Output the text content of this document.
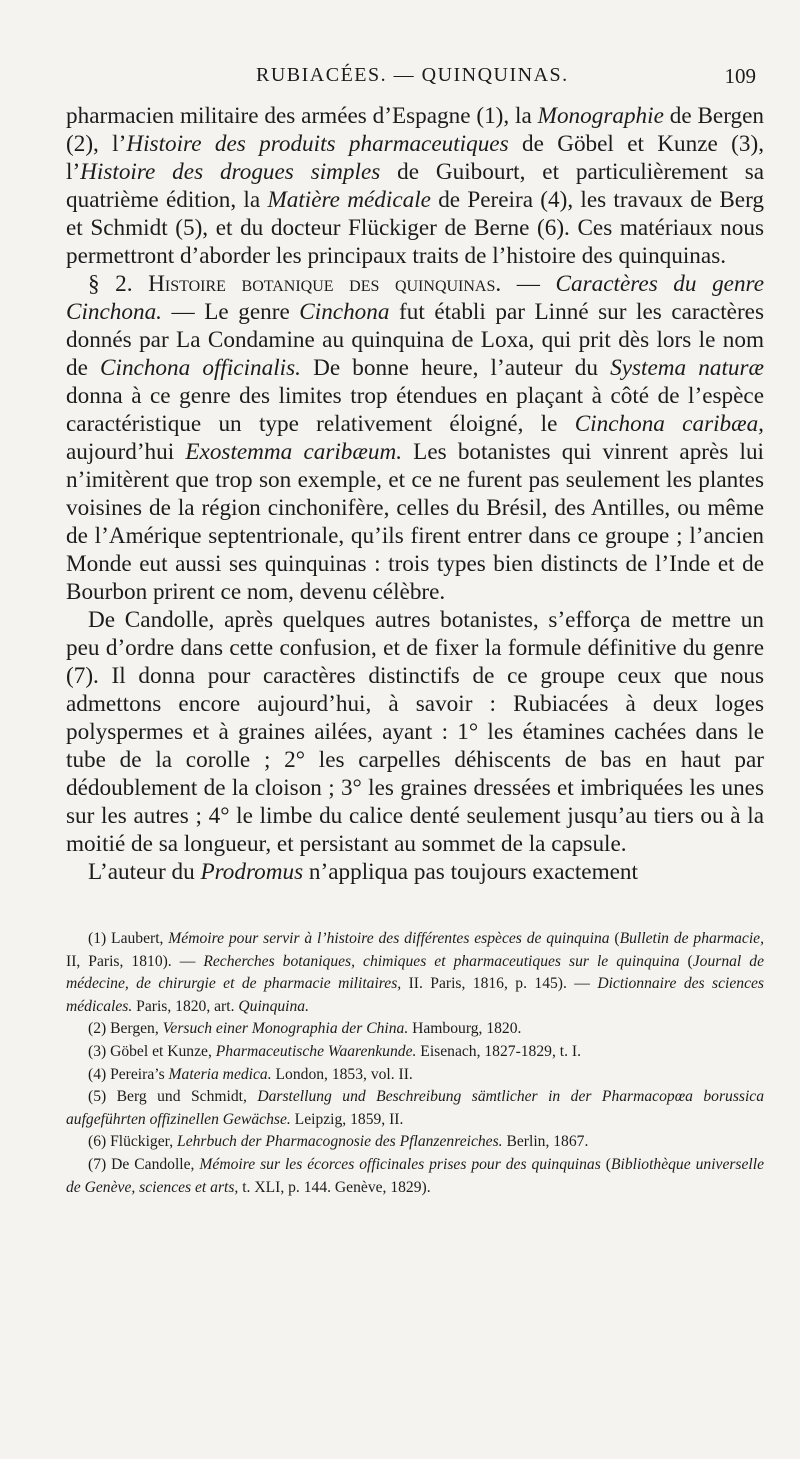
RUBIACÉES. — QUINQUINAS.	109

pharmacien militaire des armées d’Espagne (1), la Monographie de Bergen (2), l’Histoire des produits pharmaceutiques de Göbel et Kunze (3), l’Histoire des drogues simples de Guibourt, et particulièrement sa quatrième édition, la Matière médicale de Pereira (4), les travaux de Berg et Schmidt (5), et du docteur Flückiger de Berne (6). Ces matériaux nous permettront d’aborder les principaux traits de l’histoire des quinquinas.

§ 2. Histoire botanique des quinquinas. — Caractères du genre Cinchona. — Le genre Cinchona fut établi par Linné sur les caractères donnés par La Condamine au quinquina de Loxa, qui prit dès lors le nom de Cinchona officinalis. De bonne heure, l’auteur du Systema naturæ donna à ce genre des limites trop étendues en plaçant à côté de l’espèce caractéristique un type relativement éloigné, le Cinchona caribæa, aujourd’hui Exostemma caribæum. Les botanistes qui vinrent après lui n’imitèrent que trop son exemple, et ce ne furent pas seulement les plantes voisines de la région cinchonifère, celles du Brésil, des Antilles, ou même de l’Amérique septentrionale, qu’ils firent entrer dans ce groupe ; l’ancien Monde eut aussi ses quinquinas : trois types bien distincts de l’Inde et de Bourbon prirent ce nom, devenu célèbre.

De Candolle, après quelques autres botanistes, s’efforça de mettre un peu d’ordre dans cette confusion, et de fixer la formule définitive du genre (7). Il donna pour caractères distinctifs de ce groupe ceux que nous admettons encore aujourd’hui, à savoir : Rubiacées à deux loges polyspermes et à graines ailées, ayant : 1° les étamines cachées dans le tube de la corolle ; 2° les carpelles déhiscents de bas en haut par dédoublement de la cloison ; 3° les graines dressées et imbriquées les unes sur les autres ; 4° le limbe du calice denté seulement jusqu’au tiers ou à la moitié de sa longueur, et persistant au sommet de la capsule.

L’auteur du Prodromus n’appliqua pas toujours exactement

(1) Laubert, Mémoire pour servir à l’histoire des différentes espèces de quinquina (Bulletin de pharmacie, II, Paris, 1810). — Recherches botaniques, chimiques et pharmaceutiques sur le quinquina (Journal de médecine, de chirurgie et de pharmacie militaires, II. Paris, 1816, p. 145). — Dictionnaire des sciences médicales. Paris, 1820, art. Quinquina.

(2) Bergen, Versuch einer Monographia der China. Hambourg, 1820.

(3) Göbel et Kunze, Pharmaceutische Waarenkunde. Eisenach, 1827-1829, t. I.

(4) Pereira’s Materia medica. London, 1853, vol. II.

(5) Berg und Schmidt, Darstellung und Beschreibung sämtlicher in der Pharmacopœa borussica aufgeführten offizinellen Gewächse. Leipzig, 1859, II.

(6) Flückiger, Lehrbuch der Pharmacognosie des Pflanzenreiches. Berlin, 1867.

(7) De Candolle, Mémoire sur les écorces officinales prises pour des quinquinas (Bibliothèque universelle de Genève, sciences et arts, t. XLI, p. 144. Genève, 1829).
